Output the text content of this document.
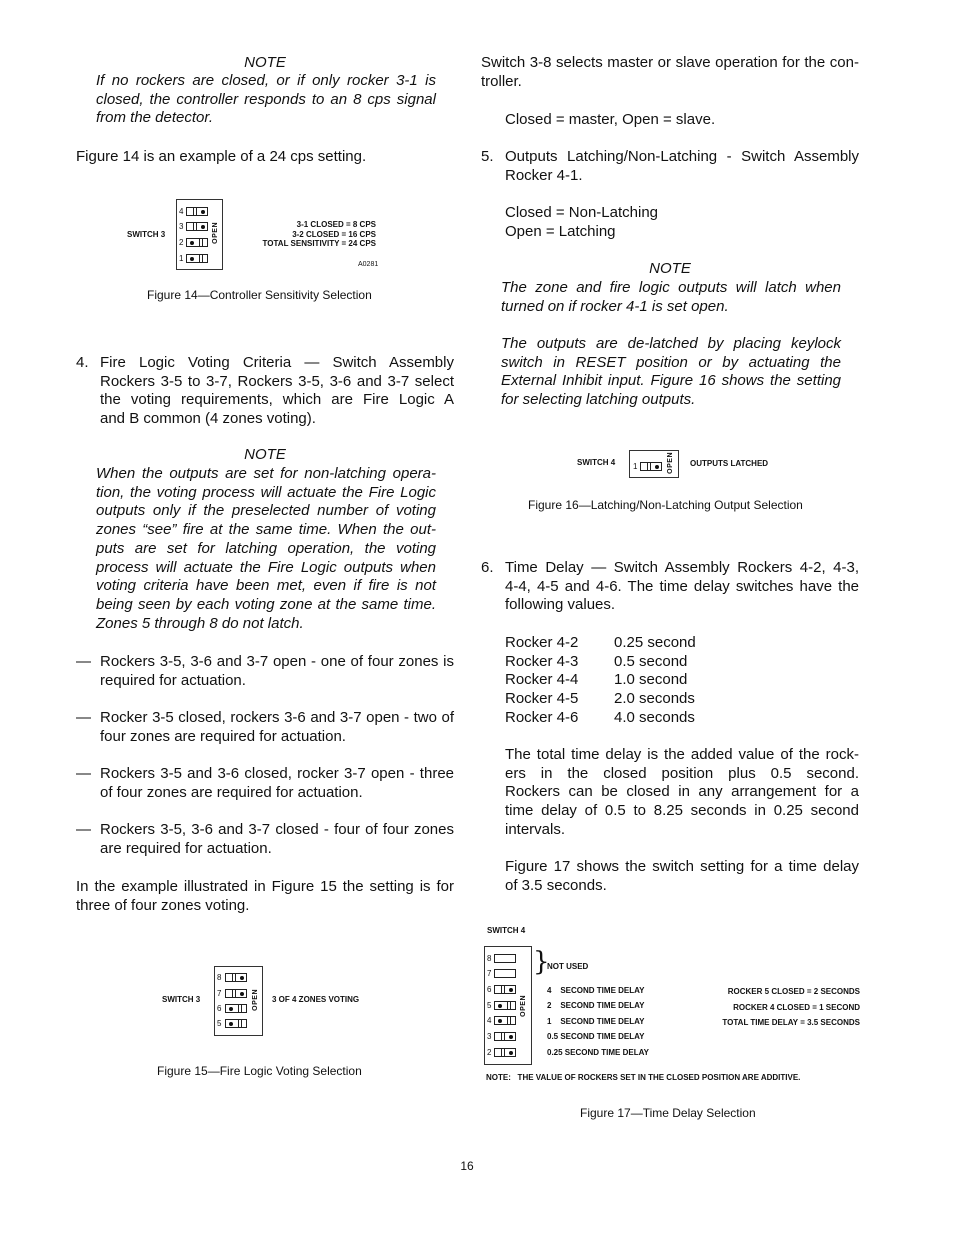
NOTE
If no rockers are closed, or if only rocker 3-1 is
closed, the controller responds to an 8 cps signal
from the detector.
Figure 14 is an example of a 24 cps setting.
SWITCH 3
4
3
2
1
OPEN	3-1 CLOSED = 8 CPS
3-2 CLOSED = 16 CPS
TOTAL SENSITIVITY = 24 CPS
A0281
Figure 14—Controller Sensitivity Selection
4. Fire Logic Voting Criteria — Switch Assembly
Rockers 3-5 to 3-7, Rockers 3-5, 3-6 and 3-7 select
the voting requirements, which are Fire Logic A
and B common (4 zones voting).
NOTE
When the outputs are set for non-latching opera-
tion, the voting process will actuate the Fire Logic
outputs only if the preselected number of voting
zones “see” fire at the same time. When the out-
puts are set for latching operation, the voting
process will actuate the Fire Logic outputs when
voting criteria have been met, even if fire is not
being seen by each voting zone at the same time.
Zones 5 through 8 do not latch.
— Rockers 3-5, 3-6 and 3-7 open - one of four zones is
required for actuation.
— Rocker 3-5 closed, rockers 3-6 and 3-7 open - two of
four zones are required for actuation.
— Rockers 3-5 and 3-6 closed, rocker 3-7 open - three
of four zones are required for actuation.
— Rockers 3-5, 3-6 and 3-7 closed - four of four zones
are required for actuation.
In the example illustrated in Figure 15 the setting is for
three of four zones voting.
SWITCH 3
8
7
6
5
OPEN 3 OF 4 ZONES VOTING
Figure 15—Fire Logic Voting Selection
Switch 3-8 selects master or slave operation for the con-
troller.
Closed = master, Open = slave.
5. Outputs Latching/Non-Latching - Switch Assembly
Rocker 4-1.
Closed = Non-Latching
Open = Latching
NOTE
The zone and fire logic outputs will latch when
turned on if rocker 4-1 is set open.
The outputs are de-latched by placing keylock
switch in RESET position or by actuating the
External Inhibit input. Figure 16 shows the setting
for selecting latching outputs.
SWITCH 4 1	OPEN OUTPUTS LATCHED
Figure 16—Latching/Non-Latching Output Selection
6. Time Delay — Switch Assembly Rockers 4-2, 4-3,
4-4, 4-5 and 4-6. The time delay switches have the
following values.
Rocker 4-2	0.25 second
Rocker 4-3	0.5 second
Rocker 4-4	1.0 second
Rocker 4-5	2.0 seconds
Rocker 4-6	4.0 seconds
The total time delay is the added value of the rock-
ers in the closed position plus 0.5 second.
Rockers can be closed in any arrangement for a
time delay of 0.5 to 8.25 seconds in 0.25 second
intervals.
Figure 17 shows the switch setting for a time delay
of 3.5 seconds.
SWITCH 4
8
7
6
5
4
3
2
OPEN
}
NOT USED
4    SECOND TIME DELAY
2    SECOND TIME DELAY
1    SECOND TIME DELAY
0.5 SECOND TIME DELAY
0.25 SECOND TIME DELAY
ROCKER 5 CLOSED = 2 SECONDS
ROCKER 4 CLOSED = 1 SECOND
TOTAL TIME DELAY = 3.5 SECONDS
NOTE:   THE VALUE OF ROCKERS SET IN THE CLOSED POSITION ARE ADDITIVE.
Figure 17—Time Delay Selection
16
